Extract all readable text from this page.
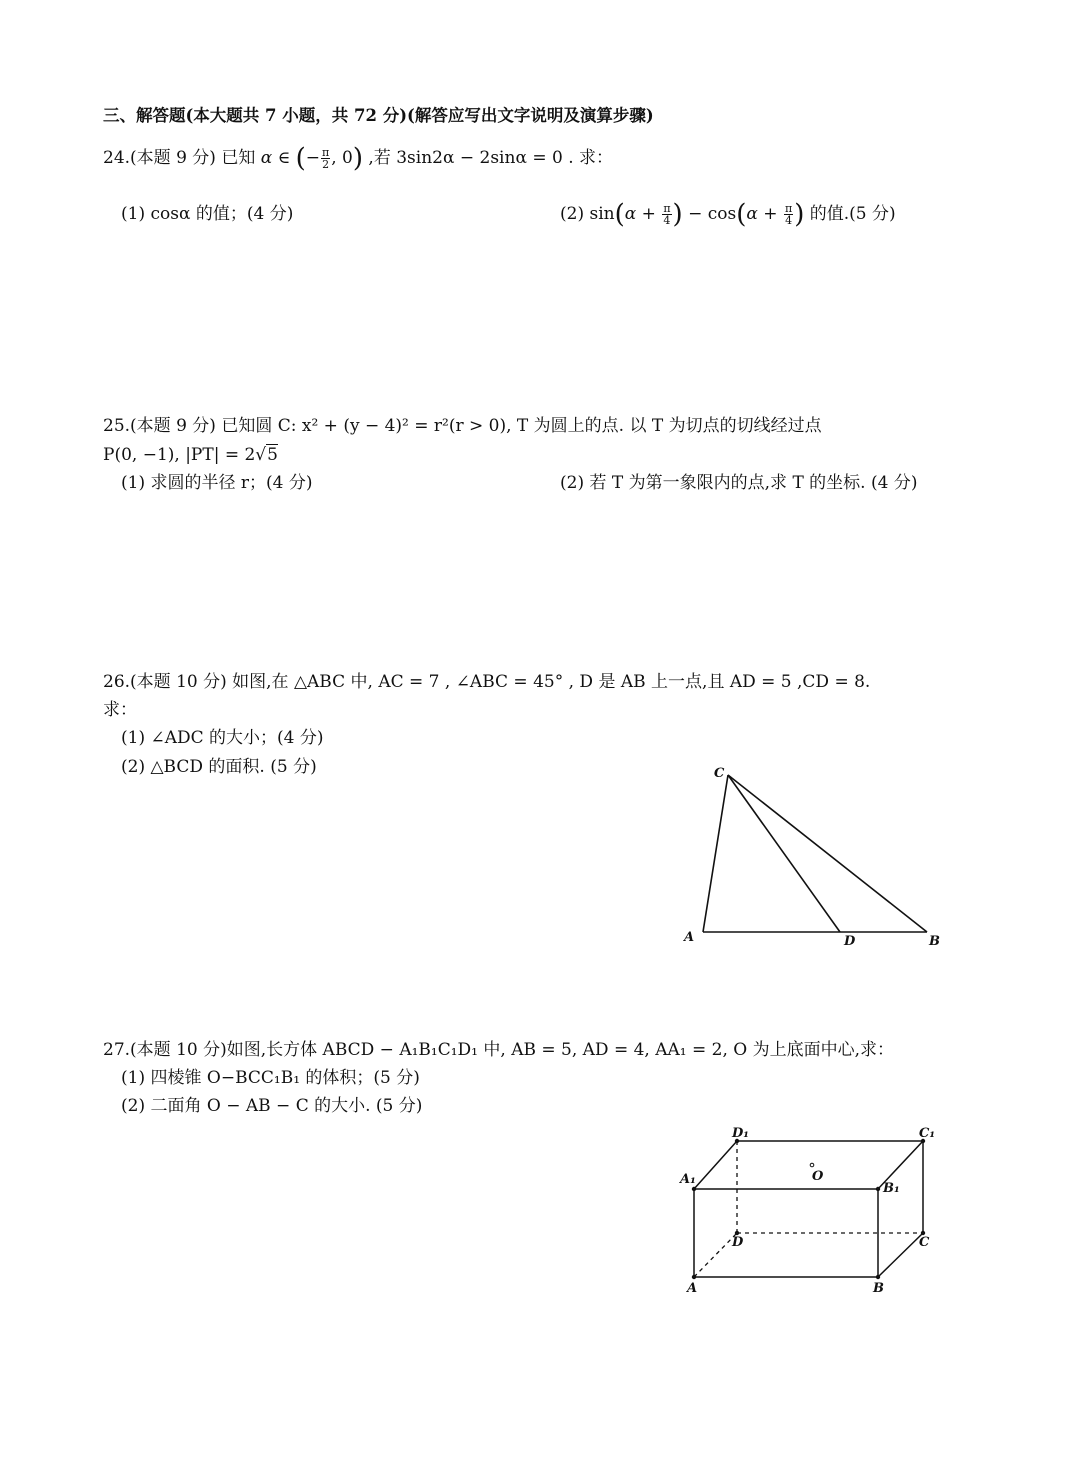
三、解答题(本大题共 7 小题，共 72 分)(解答应写出文字说明及演算步骤)
24.(本题 9 分) 已知 α ∈ (− $\frac{\pi}{2}$ , 0) ,若 3sin2α − 2sinα = 0 . 求：
(1) cosα 的值；(4 分)	(2) $\sin(\alpha + \frac{\pi}{4}$ ) − $\cos(\alpha + \frac{\pi}{4}$ ) 的值.(5 分)
25.(本题 9 分) 已知圆 C: x² + (y − 4)² = r²(r > 0), T 为圆上的点. 以 T 为切点的切线经过点
P(0, −1), |PT| = 2√5
(1) 求圆的半径 r；(4 分)	(2) 若 T 为第一象限内的点,求 T 的坐标. (4 分)
26.(本题 10 分) 如图,在 △ABC 中, AC = 7 , ∠ABC = 45° , D 是 AB 上一点,且 AD = 5 ,CD = 8.
求：
(1) ∠ADC 的大小；(4 分)
(2) △BCD 的面积. (5 分)	C
A	D	B
27.(本题 10 分)如图,长方体 ABCD − A₁B₁C₁D₁ 中, AB = 5, AD = 4, AA₁ = 2, O 为上底面中心,求：
(1) 四棱锥 O−BCC₁B₁ 的体积；(5 分)
(2) 二面角 O − AB − C 的大小. (5 分)
D₁	C₁
A₁
B₁
O
D	C
A	B
